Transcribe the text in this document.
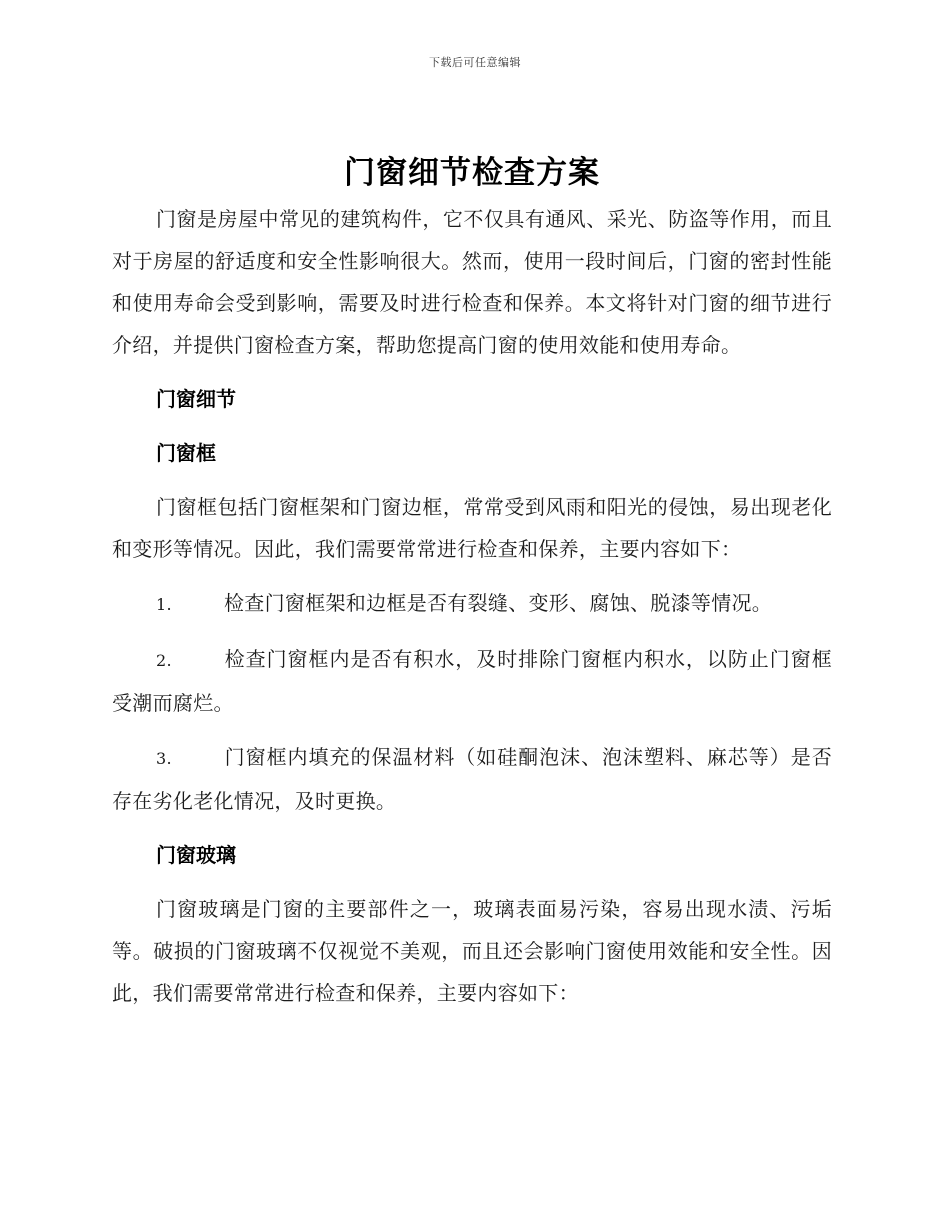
下载后可任意编辑
门窗细节检查方案

门窗是房屋中常见的建筑构件，它不仅具有通风、采光、防盗等作用，而且对于房屋的舒适度和安全性影响很大。然而，使用一段时间后，门窗的密封性能和使用寿命会受到影响，需要及时进行检查和保养。本文将针对门窗的细节进行介绍，并提供门窗检查方案，帮助您提高门窗的使用效能和使用寿命。

门窗细节
门窗框

门窗框包括门窗框架和门窗边框，常常受到风雨和阳光的侵蚀，易出现老化和变形等情况。因此，我们需要常常进行检查和保养，主要内容如下：

1.	检查门窗框架和边框是否有裂缝、变形、腐蚀、脱漆等情况。

2.	检查门窗框内是否有积水，及时排除门窗框内积水，以防止门窗框受潮而腐烂。

3.	门窗框内填充的保温材料（如硅酮泡沫、泡沫塑料、麻芯等）是否存在劣化老化情况，及时更换。

门窗玻璃

门窗玻璃是门窗的主要部件之一，玻璃表面易污染，容易出现水渍、污垢等。破损的门窗玻璃不仅视觉不美观，而且还会影响门窗使用效能和安全性。因此，我们需要常常进行检查和保养，主要内容如下：
